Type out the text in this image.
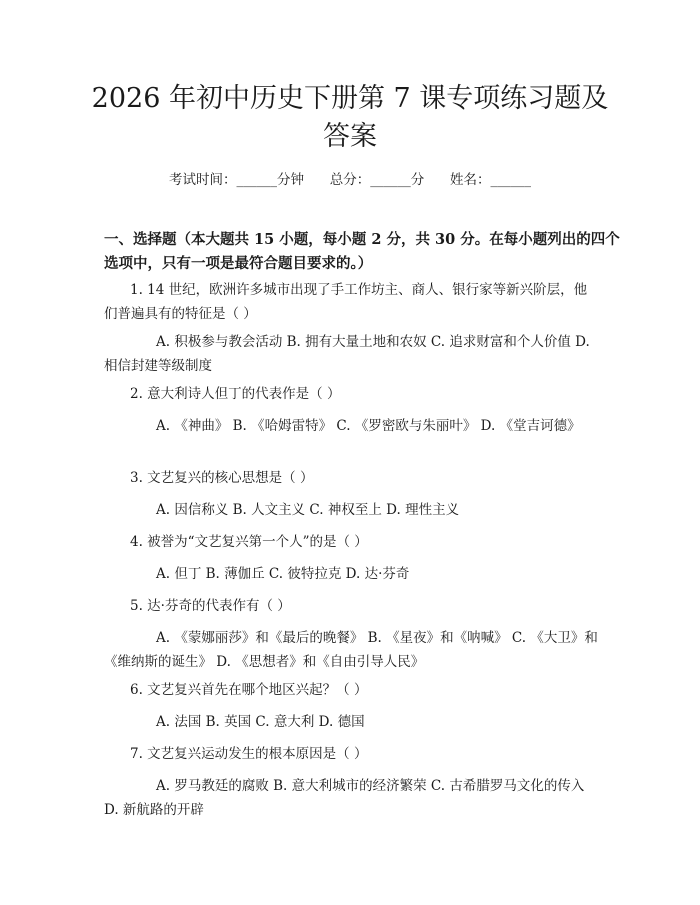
2026 年初中历史下册第 7 课专项练习题及答案
考试时间：______分钟      总分：______分      姓名：______

一、选择题（本大题共 15 小题，每小题 2 分，共 30 分。在每小题列出的四个选项中，只有一项是最符合题目要求的。）

1. 14 世纪，欧洲许多城市出现了手工作坊主、商人、银行家等新兴阶层，他们普遍具有的特征是（ ）

A. 积极参与教会活动 B. 拥有大量土地和农奴 C. 追求财富和个人价值 D. 相信封建等级制度

2. 意大利诗人但丁的代表作是（ ）

A. 《神曲》 B. 《哈姆雷特》 C. 《罗密欧与朱丽叶》 D. 《堂吉诃德》

3. 文艺复兴的核心思想是（ ）

A. 因信称义 B. 人文主义 C. 神权至上 D. 理性主义

4. 被誉为“文艺复兴第一个人”的是（ ）

A. 但丁 B. 薄伽丘 C. 彼特拉克 D. 达·芬奇

5. 达·芬奇的代表作有（ ）

A. 《蒙娜丽莎》和《最后的晚餐》 B. 《星夜》和《呐喊》 C. 《大卫》和《维纳斯的诞生》 D. 《思想者》和《自由引导人民》

6. 文艺复兴首先在哪个地区兴起？（ ）

A. 法国 B. 英国 C. 意大利 D. 德国

7. 文艺复兴运动发生的根本原因是（ ）

A. 罗马教廷的腐败 B. 意大利城市的经济繁荣 C. 古希腊罗马文化的传入 D. 新航路的开辟
